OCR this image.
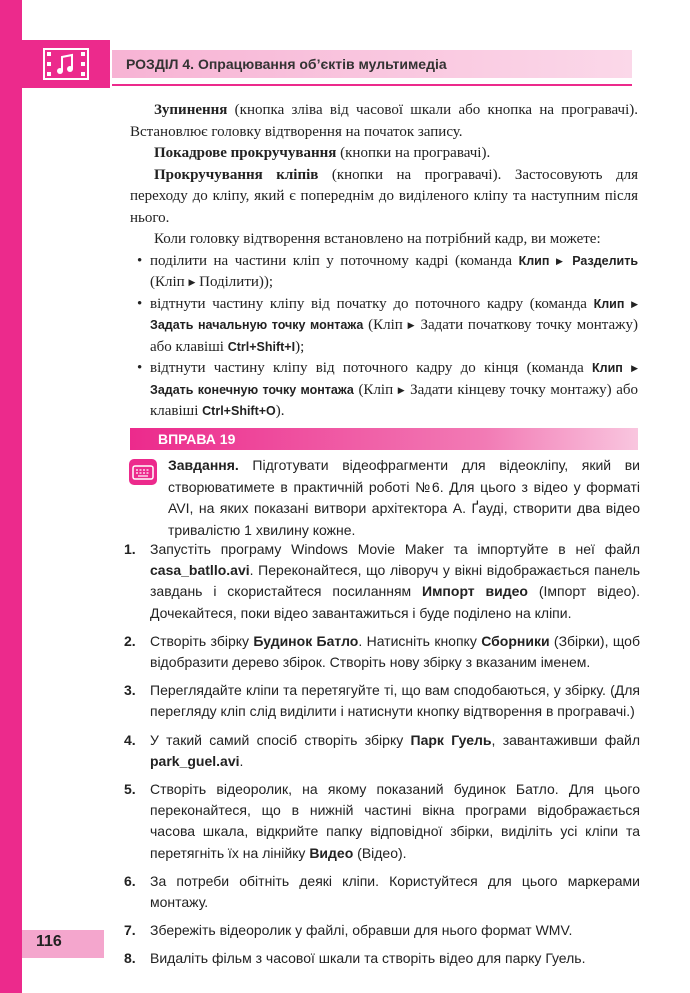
РОЗДІЛ 4. Опрацювання об’єктів мультимедіа

Зупинення (кнопка зліва від часової шкали або кнопка на програвачі). Встановлює головку відтворення на початок запису.

Покадрове прокручування (кнопки на програвачі).

Прокручування кліпів (кнопки на програвачі). Застосовують для переходу до кліпу, який є попереднім до виділеного кліпу та наступним після нього.

Коли головку відтворення встановлено на потрібний кадр, ви можете:

• поділити на частини кліп у поточному кадрі (команда Клип ▶ Разделить (Кліп ▶ Поділити));
• відтнути частину кліпу від початку до поточного кадру (команда Клип ▶ Задать начальную точку монтажа (Кліп ▶ Задати початкову точку монтажу) або клавіші Ctrl+Shift+I);
• відтнути частину кліпу від поточного кадру до кінця (команда Клип ▶ Задать конечную точку монтажа (Кліп ▶ Задати кінцеву точку монтажу) або клавіші Ctrl+Shift+O).
ВПРАВА 19
Завдання. Підготувати відеофрагменти для відеокліпу, який ви створюватимете в практичній роботі №6. Для цього з відео у форматі AVI, на яких показані витвори архітектора А. Ґауді, створити два відео тривалістю 1 хвилину кожне.
1. Запустіть програму Windows Movie Maker та імпортуйте в неї файл casa_batllo.avi. Переконайтеся, що ліворуч у вікні відображається панель завдань і скористайтеся посиланням Импорт видео (Імпорт відео). Дочекайтеся, поки відео завантажиться і буде поділено на кліпи.
2. Створіть збірку Будинок Батло. Натисніть кнопку Сборники (Збірки), щоб відобразити дерево збірок. Створіть нову збірку з вказаним іменем.
3. Переглядайте кліпи та перетягуйте ті, що вам сподобаються, у збірку. (Для перегляду кліп слід виділити і натиснути кнопку відтворення в програвачі.)
4. У такий самий спосіб створіть збірку Парк Гуель, завантаживши файл park_guel.avi.
5. Створіть відеоролик, на якому показаний будинок Батло. Для цього переконайтеся, що в нижній частині вікна програми відображається часова шкала, відкрийте папку відповідної збірки, виділіть усі кліпи та перетягніть їх на лінійку Видео (Відео).
6. За потреби обітніть деякі кліпи. Користуйтеся для цього маркерами монтажу.
7. Збережіть відеоролик у файлі, обравши для нього формат WMV.
8. Видаліть фільм з часової шкали та створіть відео для парку Гуель.
116
